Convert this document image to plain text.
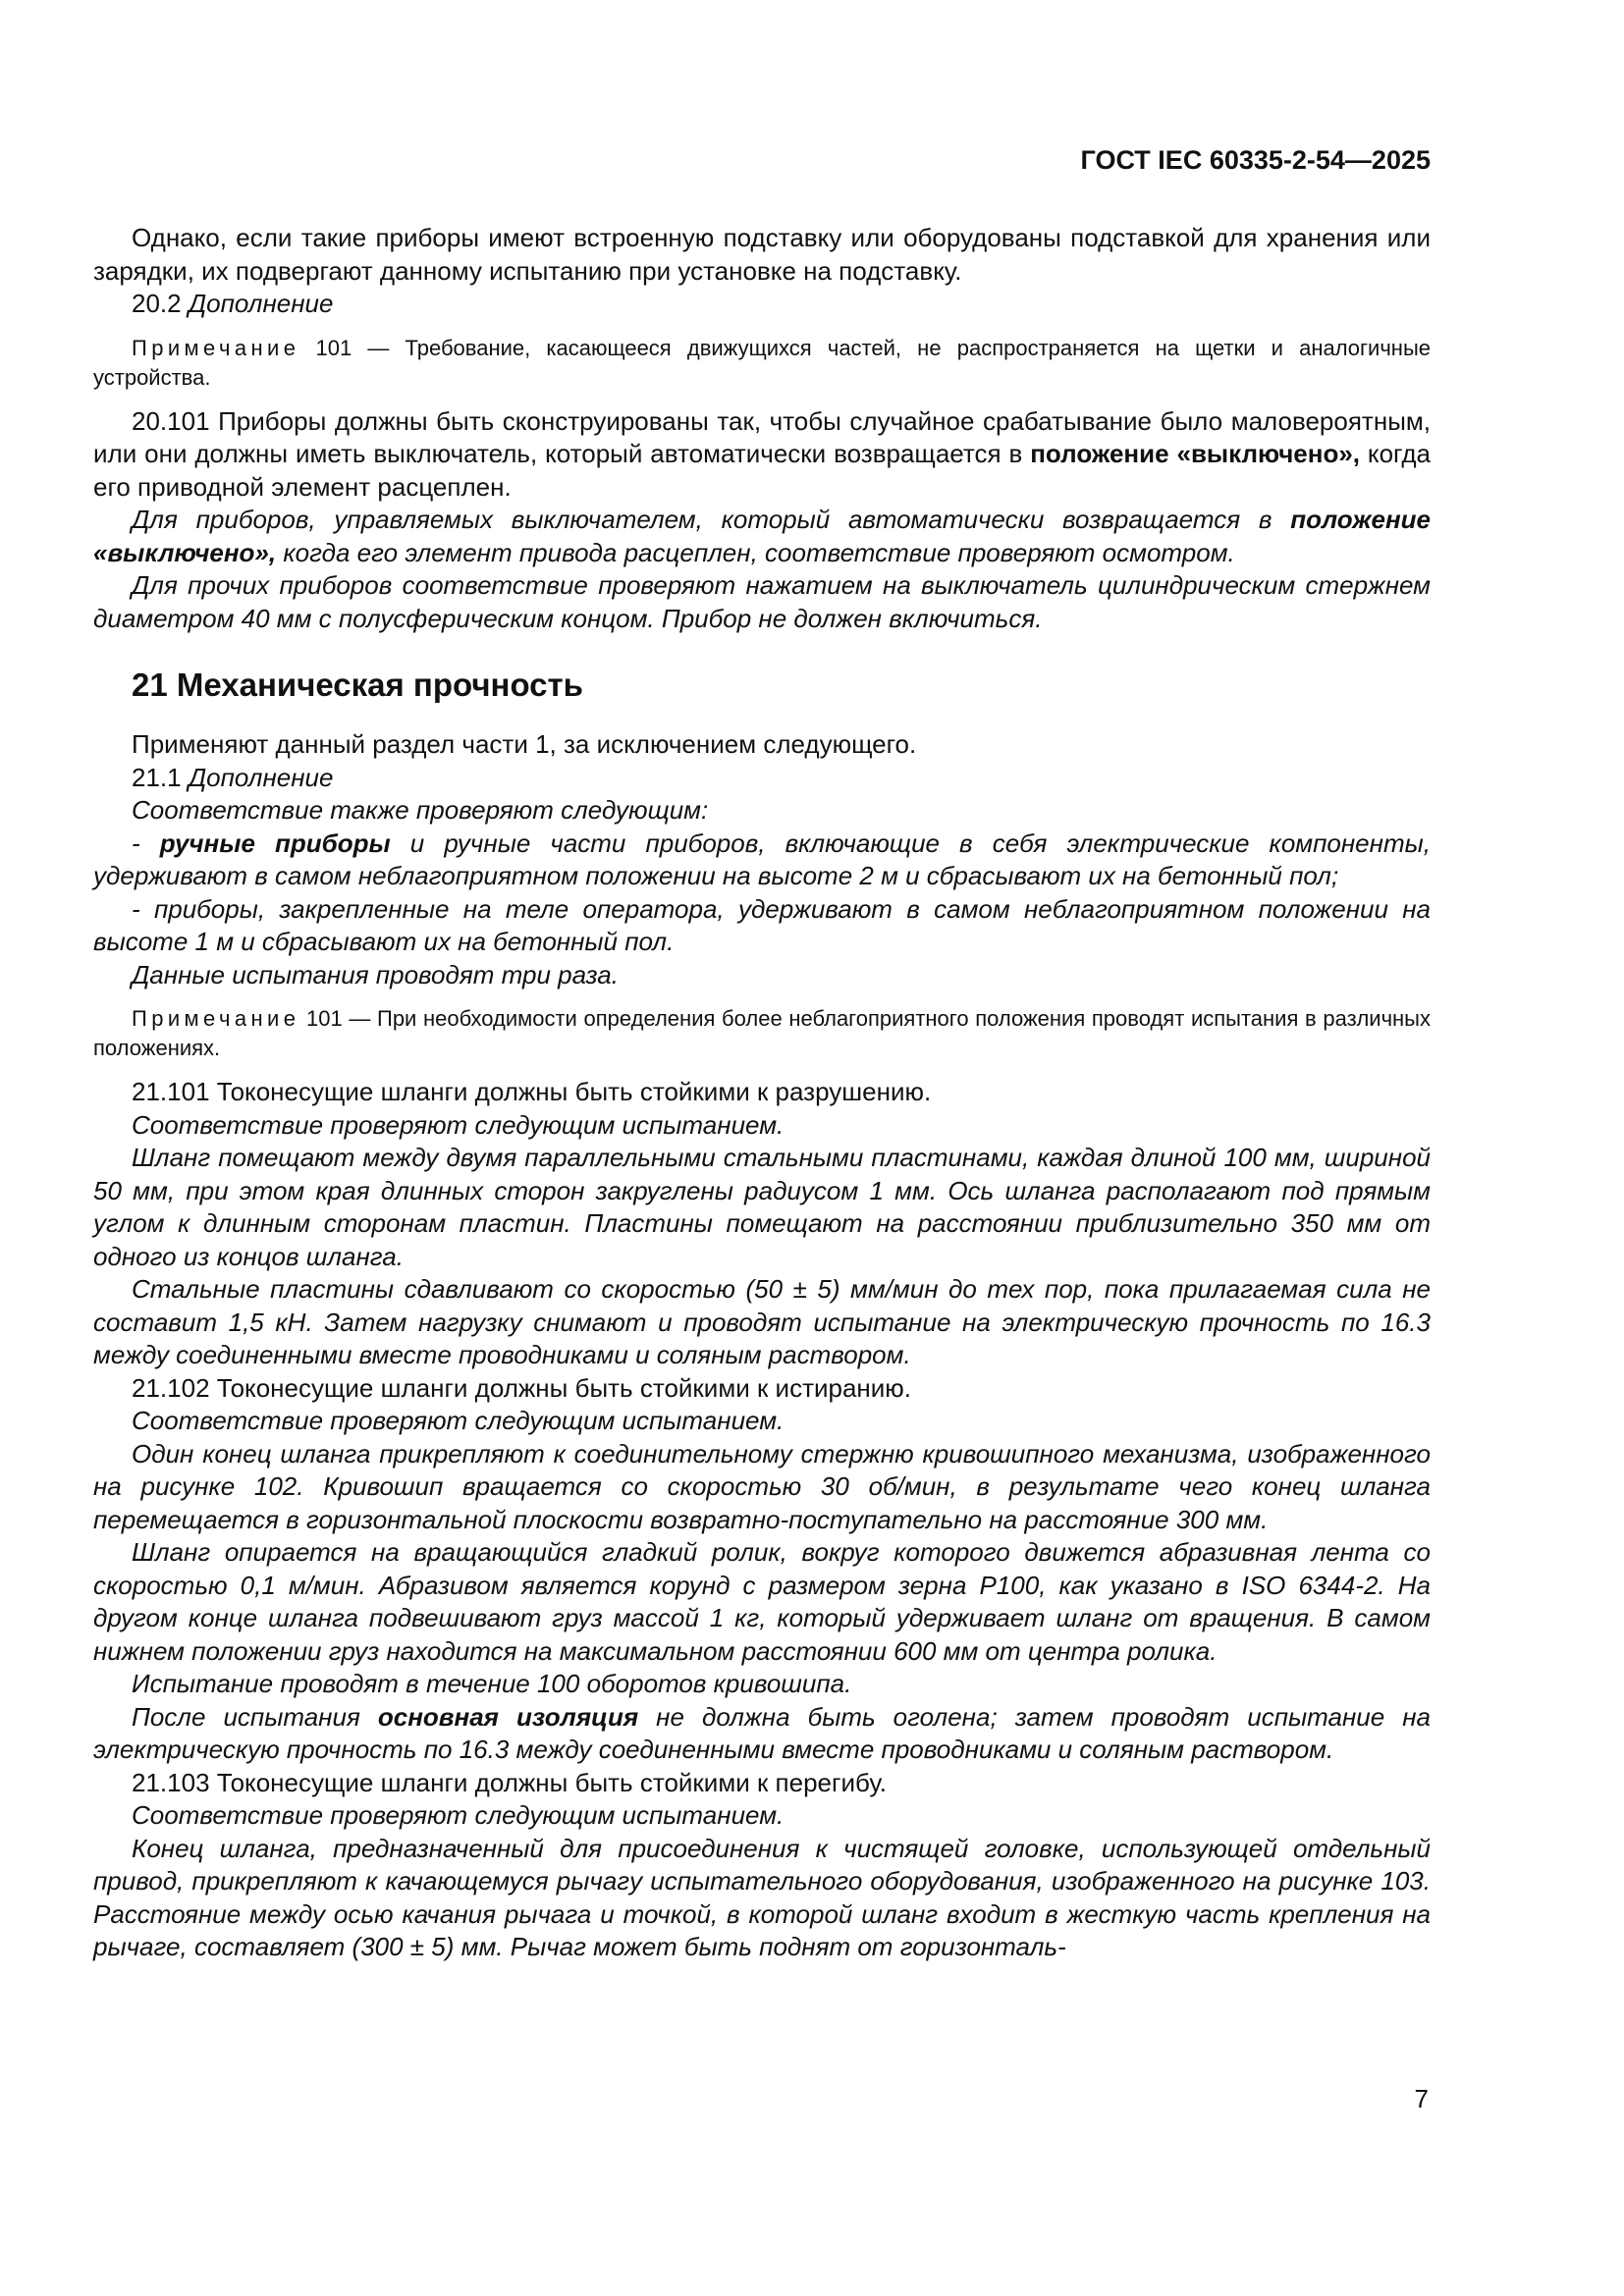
ГОСТ IEC 60335-2-54—2025

Однако, если такие приборы имеют встроенную подставку или оборудованы подставкой для хранения или зарядки, их подвергают данному испытанию при установке на подставку.

20.2 Дополнение

Примечание 101 — Требование, касающееся движущихся частей, не распространяется на щетки и аналогичные устройства.

20.101 Приборы должны быть сконструированы так, чтобы случайное срабатывание было маловероятным, или они должны иметь выключатель, который автоматически возвращается в положение «выключено», когда его приводной элемент расцеплен.

Для приборов, управляемых выключателем, который автоматически возвращается в положение «выключено», когда его элемент привода расцеплен, соответствие проверяют осмотром.

Для прочих приборов соответствие проверяют нажатием на выключатель цилиндрическим стержнем диаметром 40 мм с полусферическим концом. Прибор не должен включиться.

21 Механическая прочность

Применяют данный раздел части 1, за исключением следующего.

21.1 Дополнение

Соответствие также проверяют следующим:

- ручные приборы и ручные части приборов, включающие в себя электрические компоненты, удерживают в самом неблагоприятном положении на высоте 2 м и сбрасывают их на бетонный пол;

- приборы, закрепленные на теле оператора, удерживают в самом неблагоприятном положении на высоте 1 м и сбрасывают их на бетонный пол.

Данные испытания проводят три раза.

Примечание 101 — При необходимости определения более неблагоприятного положения проводят испытания в различных положениях.

21.101 Токонесущие шланги должны быть стойкими к разрушению.

Соответствие проверяют следующим испытанием.

Шланг помещают между двумя параллельными стальными пластинами, каждая длиной 100 мм, шириной 50 мм, при этом края длинных сторон закруглены радиусом 1 мм. Ось шланга располагают под прямым углом к длинным сторонам пластин. Пластины помещают на расстоянии приблизительно 350 мм от одного из концов шланга.

Стальные пластины сдавливают со скоростью (50 ± 5) мм/мин до тех пор, пока прилагаемая сила не составит 1,5 кН. Затем нагрузку снимают и проводят испытание на электрическую прочность по 16.3 между соединенными вместе проводниками и соляным раствором.

21.102 Токонесущие шланги должны быть стойкими к истиранию.

Соответствие проверяют следующим испытанием.

Один конец шланга прикрепляют к соединительному стержню кривошипного механизма, изображенного на рисунке 102. Кривошип вращается со скоростью 30 об/мин, в результате чего конец шланга перемещается в горизонтальной плоскости возвратно-поступательно на расстояние 300 мм.

Шланг опирается на вращающийся гладкий ролик, вокруг которого движется абразивная лента со скоростью 0,1 м/мин. Абразивом является корунд с размером зерна P100, как указано в ISO 6344-2. На другом конце шланга подвешивают груз массой 1 кг, который удерживает шланг от вращения. В самом нижнем положении груз находится на максимальном расстоянии 600 мм от центра ролика.

Испытание проводят в течение 100 оборотов кривошипа.

После испытания основная изоляция не должна быть оголена; затем проводят испытание на электрическую прочность по 16.3 между соединенными вместе проводниками и соляным раствором.

21.103 Токонесущие шланги должны быть стойкими к перегибу.

Соответствие проверяют следующим испытанием.

Конец шланга, предназначенный для присоединения к чистящей головке, использующей отдельный привод, прикрепляют к качающемуся рычагу испытательного оборудования, изображенного на рисунке 103. Расстояние между осью качания рычага и точкой, в которой шланг входит в жесткую часть крепления на рычаге, составляет (300 ± 5) мм. Рычаг может быть поднят от горизонталь-

7
